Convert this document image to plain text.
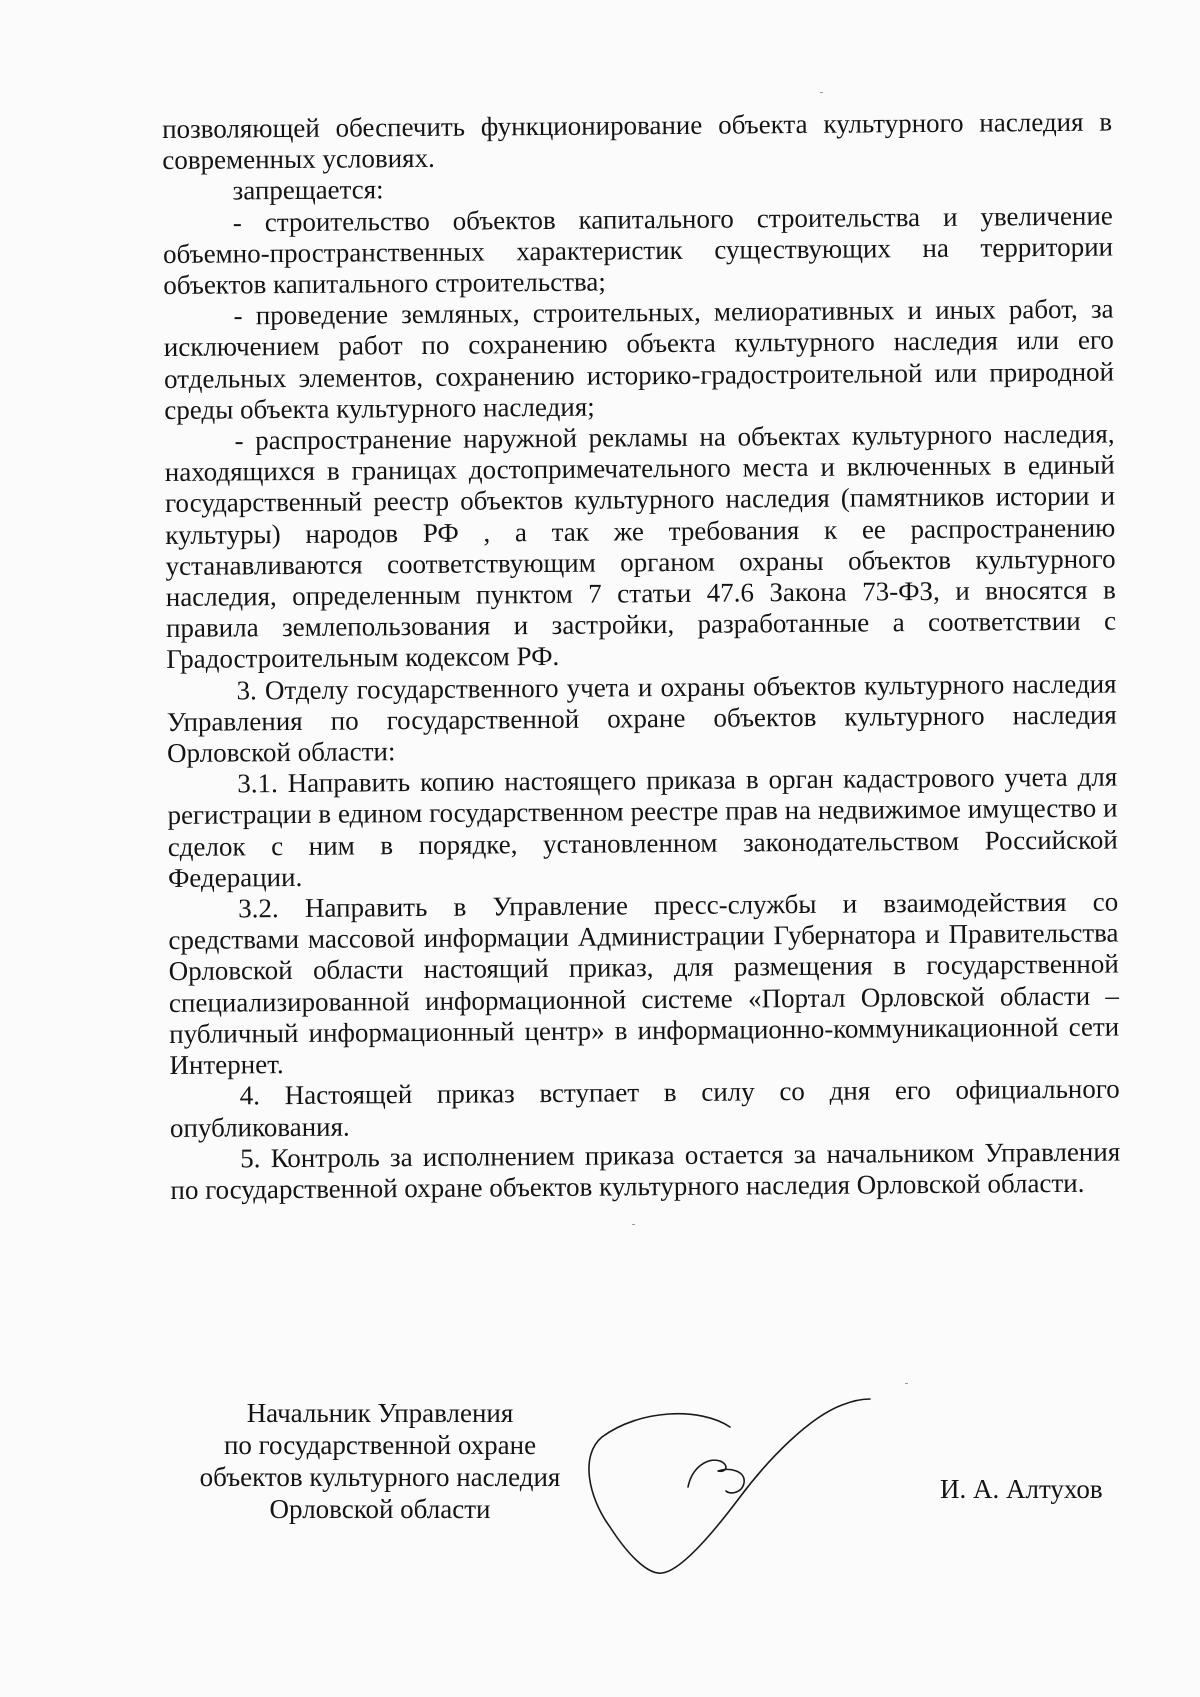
позволяющей обеспечить функционирование объекта культурного наследия в современных условиях.

запрещается:

- строительство объектов капитального строительства и увеличение объемно-пространственных характеристик существующих на территории объектов капитального строительства;

- проведение земляных, строительных, мелиоративных и иных работ, за исключением работ по сохранению объекта культурного наследия или его отдельных элементов, сохранению историко-градостроительной или природной среды объекта культурного наследия;

- распространение наружной рекламы на объектах культурного наследия, находящихся в границах достопримечательного места и включенных в единый государственный реестр объектов культурного наследия (памятников истории и культуры) народов РФ , а так же требования к ее распространению устанавливаются соответствующим органом охраны объектов культурного наследия, определенным пунктом 7 статьи 47.6 Закона 73-ФЗ, и вносятся в правила землепользования и застройки, разработанные а соответствии с Градостроительным кодексом РФ.

3. Отделу государственного учета и охраны объектов культурного наследия Управления по государственной охране объектов культурного наследия Орловской области:

3.1. Направить копию настоящего приказа в орган кадастрового учета для регистрации в едином государственном реестре прав на недвижимое имущество и сделок с ним в порядке, установленном законодательством Российской Федерации.

3.2. Направить в Управление пресс-службы и взаимодействия со средствами массовой информации Администрации Губернатора и Правительства Орловской области настоящий приказ, для размещения в государственной специализированной информационной системе «Портал Орловской области – публичный информационный центр» в информационно-коммуникационной сети Интернет.

4. Настоящей приказ вступает в силу со дня его официального опубликования.

5. Контроль за исполнением приказа остается за начальником Управления по государственной охране объектов культурного наследия Орловской области.

Начальник Управления
по государственной охране
объектов культурного наследия
Орловской области
И. А. Алтухов
